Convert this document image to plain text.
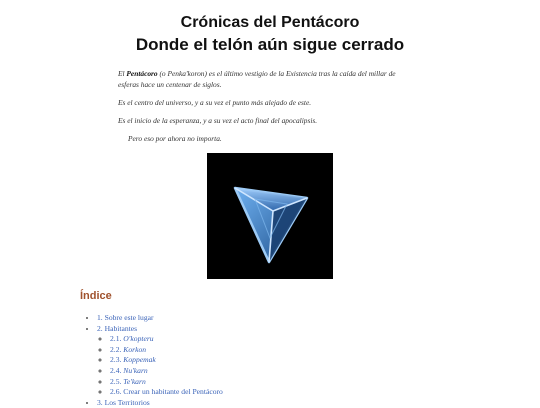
Crónicas del Pentácoro
Donde el telón aún sigue cerrado

El Pentácoro (o Penka'koron) es el último vestigio de la Existencia tras la caída del millar de esferas hace un centenar de siglos.

Es el centro del universo, y a su vez el punto más alejado de este.

Es el inicio de la esperanza, y a su vez el acto final del apocalipsis.

Pero eso por ahora no importa.

Índice
• 1. Sobre este lugar
• 2. Habitantes
◦ 2.1. O'kopteru
◦ 2.2. Korkon
◦ 2.3. Koppemak
◦ 2.4. Nu'karn
◦ 2.5. Te'karn
◦ 2.6. Crear un habitante del Pentácoro
• 3. Los Territorios
